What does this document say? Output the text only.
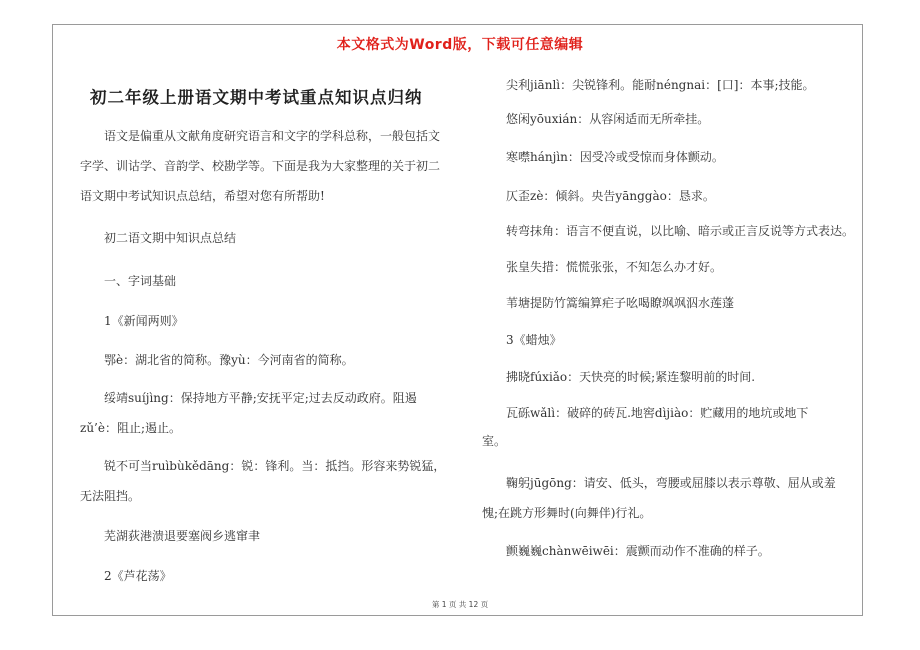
本文格式为Word版，下载可任意编辑
初二年级上册语文期中考试重点知识点归纳

　　语文是偏重从文献角度研究语言和文字的学科总称，一般包括文

字学、训诂学、音韵学、校勘学等。下面是我为大家整理的关于初二

语文期中考试知识点总结，希望对您有所帮助!

　　初二语文期中知识点总结

　　一、字词基础

　　1《新闻两则》

　　鄂è：湖北省的简称。豫yù：今河南省的简称。

　　绥靖suíjìng：保持地方平静;安抚平定;过去反动政府。阻遏

zǔ’è：阻止;遏止。

　　锐不可当ruìbùkědāng：锐：锋利。当：抵挡。形容来势锐猛，

无法阻挡。

　　芜湖荻港溃退要塞阀乡逃窜聿

　　2《芦花荡》

　　尖利jiānlì：尖锐锋利。能耐néngnai：[口]：本事;技能。

　　悠闲yōuxián：从容闲适而无所牵挂。

　　寒噤hánjìn：因受冷或受惊而身体颤动。

　　仄歪zè：倾斜。央告yānggào：恳求。

　　转弯抹角：语言不便直说，以比喻、暗示或正言反说等方式表达。

　　张皇失措：慌慌张张，不知怎么办才好。

　　苇塘提防竹篙编算疟子吆喝瞭飒飒泅水莲蓬

　　3《蜡烛》

　　拂晓fúxiǎo：天快亮的时候;紧连黎明前的时间.

　　瓦砾wǎlì：破碎的砖瓦.地窖dìjiào：贮藏用的地坑或地下

室。

　　鞠躬jūgōng：请安、低头，弯腰或屈膝以表示尊敬、屈从或羞

愧;在跳方形舞时(向舞伴)行礼。

　　颤巍巍chànwēiwēi：震颤而动作不准确的样子。

第 1 页 共 12 页
